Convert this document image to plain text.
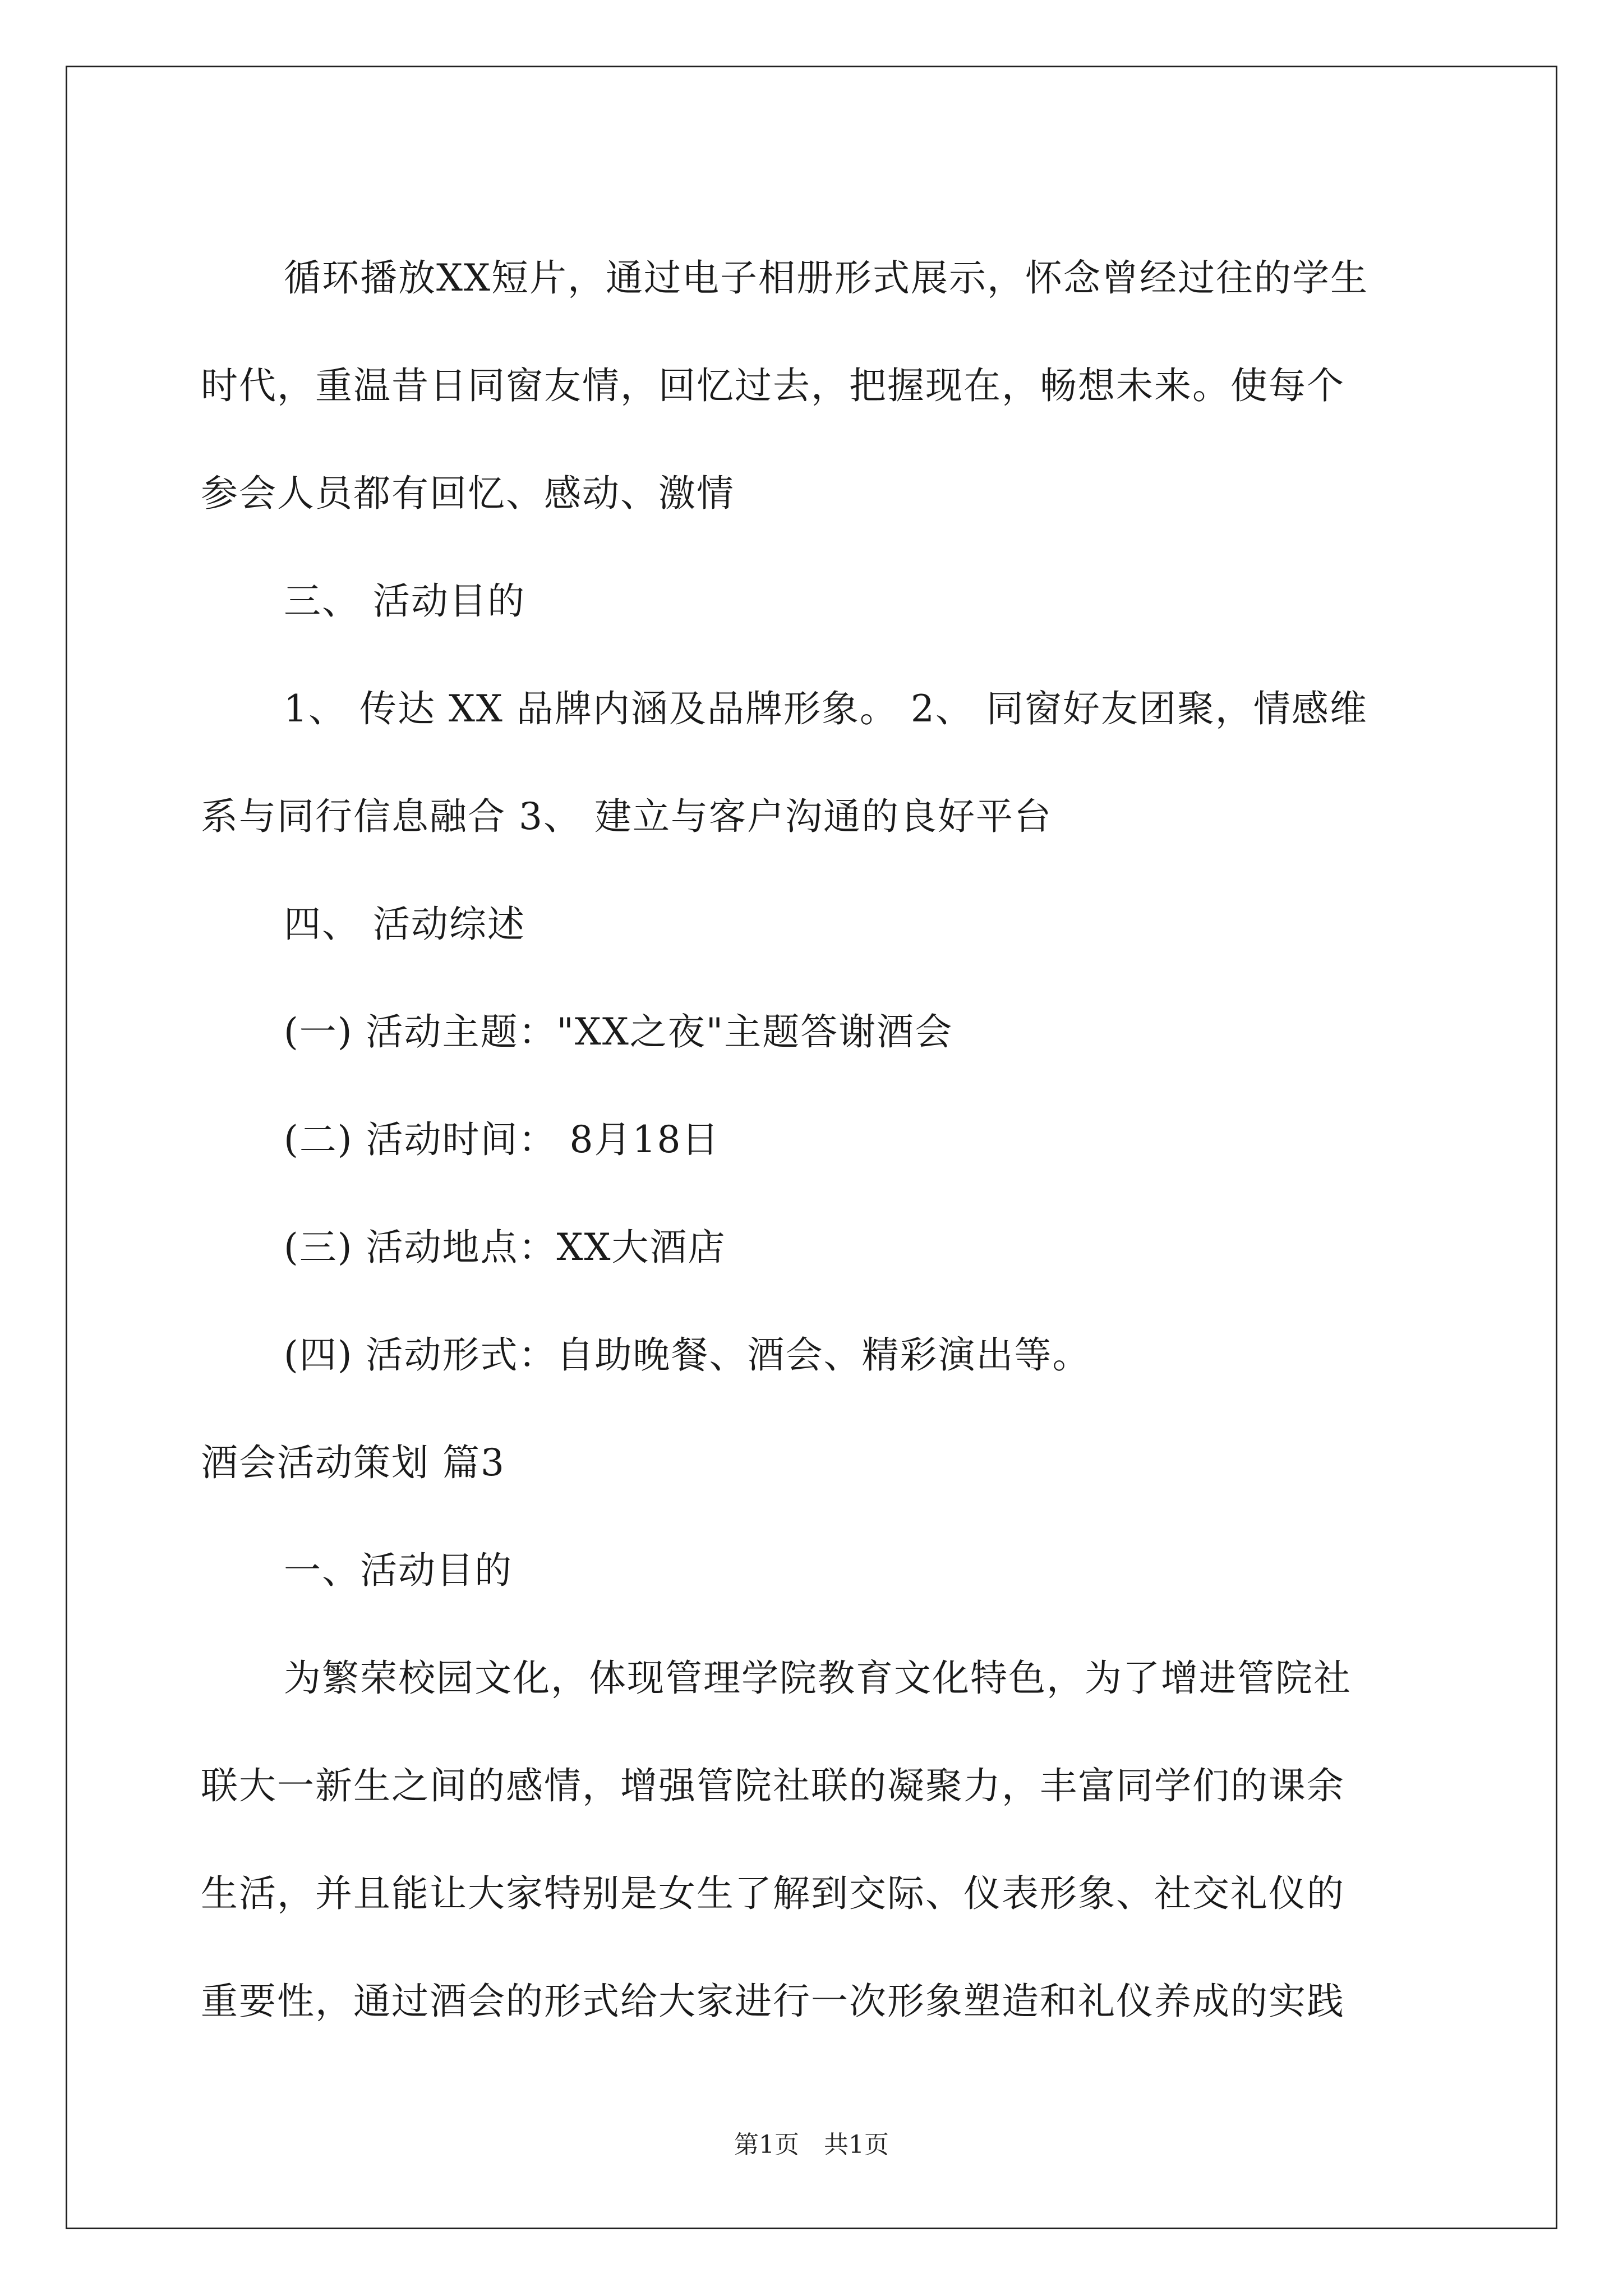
循环播放XX短片，通过电子相册形式展示，怀念曾经过往的学生
时代，重温昔日同窗友情，回忆过去，把握现在，畅想未来。使每个
参会人员都有回忆、感动、激情
三、 活动目的
1、 传达 XX 品牌内涵及品牌形象。 2、 同窗好友团聚，情感维
系与同行信息融合 3、 建立与客户沟通的良好平台
四、 活动综述
(一) 活动主题："XX之夜"主题答谢酒会
(二) 活动时间： 8月18日
(三) 活动地点：XX大酒店
(四) 活动形式：自助晚餐、酒会、精彩演出等。
酒会活动策划 篇3
一、活动目的
为繁荣校园文化，体现管理学院教育文化特色，为了增进管院社
联大一新生之间的感情，增强管院社联的凝聚力，丰富同学们的课余
生活，并且能让大家特别是女生了解到交际、仪表形象、社交礼仪的
重要性，通过酒会的形式给大家进行一次形象塑造和礼仪养成的实践
第1页 共1页
